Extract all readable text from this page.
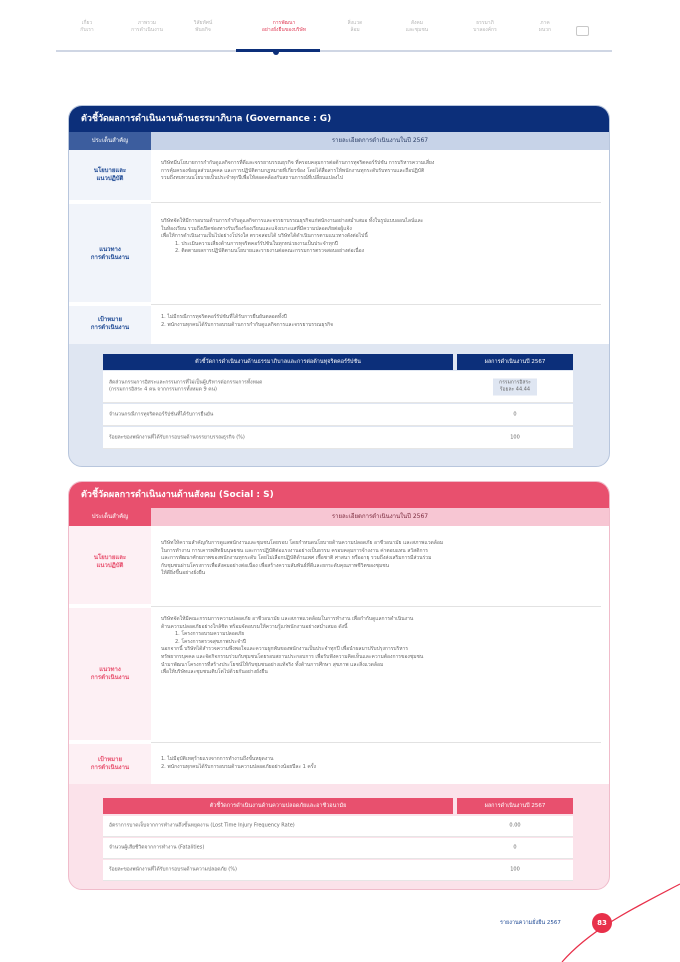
เกี่ยว
กับเรา
ภาพรวม
การดำเนินงาน
วิสัยทัศน์
พันธกิจ
การพัฒนา
อย่างยั่งยืนของบริษัท
สิ่งแวด
ล้อม
สังคม
และชุมชน
ธรรมาภิ
บาลองค์กร
ภาค
ผนวก
ตัวชี้วัดผลการดำเนินงานด้านธรรมาภิบาล (Governance : G)
ประเด็นสำคัญ	รายละเอียดการดำเนินงานในปี 2567
นโยบายและ
แนวปฏิบัติ

บริษัทมีนโยบายการกำกับดูแลกิจการที่ดีและจรรยาบรรณธุรกิจ ที่ครอบคลุมการต่อต้านการทุจริตคอร์รัปชัน การบริหารความเสี่ยง

การคุ้มครองข้อมูลส่วนบุคคล และการปฏิบัติตามกฎหมายที่เกี่ยวข้อง โดยได้สื่อสารให้พนักงานทุกระดับรับทราบและถือปฏิบัติ

รวมถึงทบทวนนโยบายเป็นประจำทุกปีเพื่อให้สอดคล้องกับสถานการณ์ที่เปลี่ยนแปลงไป

แนวทาง
การดำเนินงาน

บริษัทจัดให้มีการอบรมด้านการกำกับดูแลกิจการและจรรยาบรรณธุรกิจแก่พนักงานอย่างสม่ำเสมอ ทั้งในรูปแบบออนไลน์และ

ในห้องเรียน รวมถึงเปิดช่องทางรับเรื่องร้องเรียนและแจ้งเบาะแสที่มีความปลอดภัยต่อผู้แจ้ง

เพื่อให้การดำเนินงานเป็นไปอย่างโปร่งใส ตรวจสอบได้ บริษัทได้ดำเนินการตามแนวทางดังต่อไปนี้

1. ประเมินความเสี่ยงด้านการทุจริตคอร์รัปชันในทุกหน่วยงานเป็นประจำทุกปี

2. ติดตามผลการปฏิบัติตามนโยบายและรายงานต่อคณะกรรมการตรวจสอบอย่างต่อเนื่อง

เป้าหมาย
การดำเนินงาน

1. ไม่มีกรณีการทุจริตคอร์รัปชันที่ได้รับการยืนยันตลอดทั้งปี

2. พนักงานทุกคนได้รับการอบรมด้านการกำกับดูแลกิจการและจรรยาบรรณธุรกิจ

ตัวชี้วัดการดำเนินงานด้านธรรมาภิบาลและการต่อต้านทุจริตคอร์รัปชัน	ผลการดำเนินงานปี 2567
สัดส่วนกรรมการอิสระและกรรมการที่ไม่เป็นผู้บริหารต่อกรรมการทั้งหมด
(กรรมการอิสระ 4 คน จากกรรมการทั้งหมด 9 คน)
กรรมการอิสระ
ร้อยละ 44.44
จำนวนกรณีการทุจริตคอร์รัปชันที่ได้รับการยืนยัน	0
ร้อยละของพนักงานที่ได้รับการอบรมด้านจรรยาบรรณธุรกิจ (%)	100
ตัวชี้วัดผลการดำเนินงานด้านสังคม (Social : S)
ประเด็นสำคัญ	รายละเอียดการดำเนินงานในปี 2567
นโยบายและ
แนวปฏิบัติ

บริษัทให้ความสำคัญกับการดูแลพนักงานและชุมชนโดยรอบ โดยกำหนดนโยบายด้านความปลอดภัย อาชีวอนามัย และสภาพแวดล้อม

ในการทำงาน การเคารพสิทธิมนุษยชน และการปฏิบัติต่อแรงงานอย่างเป็นธรรม ครอบคลุมการจ้างงาน ค่าตอบแทน สวัสดิการ

และการพัฒนาศักยภาพของพนักงานทุกระดับ โดยไม่เลือกปฏิบัติด้านเพศ เชื้อชาติ ศาสนา หรืออายุ รวมถึงส่งเสริมการมีส่วนร่วม

กับชุมชนผ่านโครงการเพื่อสังคมอย่างต่อเนื่อง เพื่อสร้างความสัมพันธ์ที่ดีและยกระดับคุณภาพชีวิตของชุมชน

ให้ดียิ่งขึ้นอย่างยั่งยืน

แนวทาง
การดำเนินงาน

บริษัทจัดให้มีคณะกรรมการความปลอดภัย อาชีวอนามัย และสภาพแวดล้อมในการทำงาน เพื่อกำกับดูแลการดำเนินงาน

ด้านความปลอดภัยอย่างใกล้ชิด พร้อมจัดอบรมให้ความรู้แก่พนักงานอย่างสม่ำเสมอ ดังนี้

1. โครงการอบรมความปลอดภัย

2. โครงการตรวจสุขภาพประจำปี

นอกจากนี้ บริษัทได้สำรวจความพึงพอใจและความผูกพันของพนักงานเป็นประจำทุกปี เพื่อนำผลมาปรับปรุงการบริหาร

ทรัพยากรบุคคล และจัดกิจกรรมร่วมกับชุมชนโดยรอบสถานประกอบการ เพื่อรับฟังความคิดเห็นและความต้องการของชุมชน

นำมาพัฒนาโครงการที่สร้างประโยชน์ให้กับชุมชนอย่างแท้จริง ทั้งด้านการศึกษา สุขภาพ และสิ่งแวดล้อม

เพื่อให้บริษัทและชุมชนเติบโตไปด้วยกันอย่างยั่งยืน

เป้าหมาย
การดำเนินงาน

1. ไม่มีอุบัติเหตุร้ายแรงจากการทำงานถึงขั้นหยุดงาน

2. พนักงานทุกคนได้รับการอบรมด้านความปลอดภัยอย่างน้อยปีละ 1 ครั้ง

ตัวชี้วัดการดำเนินงานด้านความปลอดภัยและอาชีวอนามัย	ผลการดำเนินงานปี 2567
อัตราการบาดเจ็บจากการทำงานถึงขั้นหยุดงาน (Lost Time Injury Frequency Rate)	0.00
จำนวนผู้เสียชีวิตจากการทำงาน (Fatalities)	0
ร้อยละของพนักงานที่ได้รับการอบรมด้านความปลอดภัย (%)	100
รายงานความยั่งยืน 2567	83
